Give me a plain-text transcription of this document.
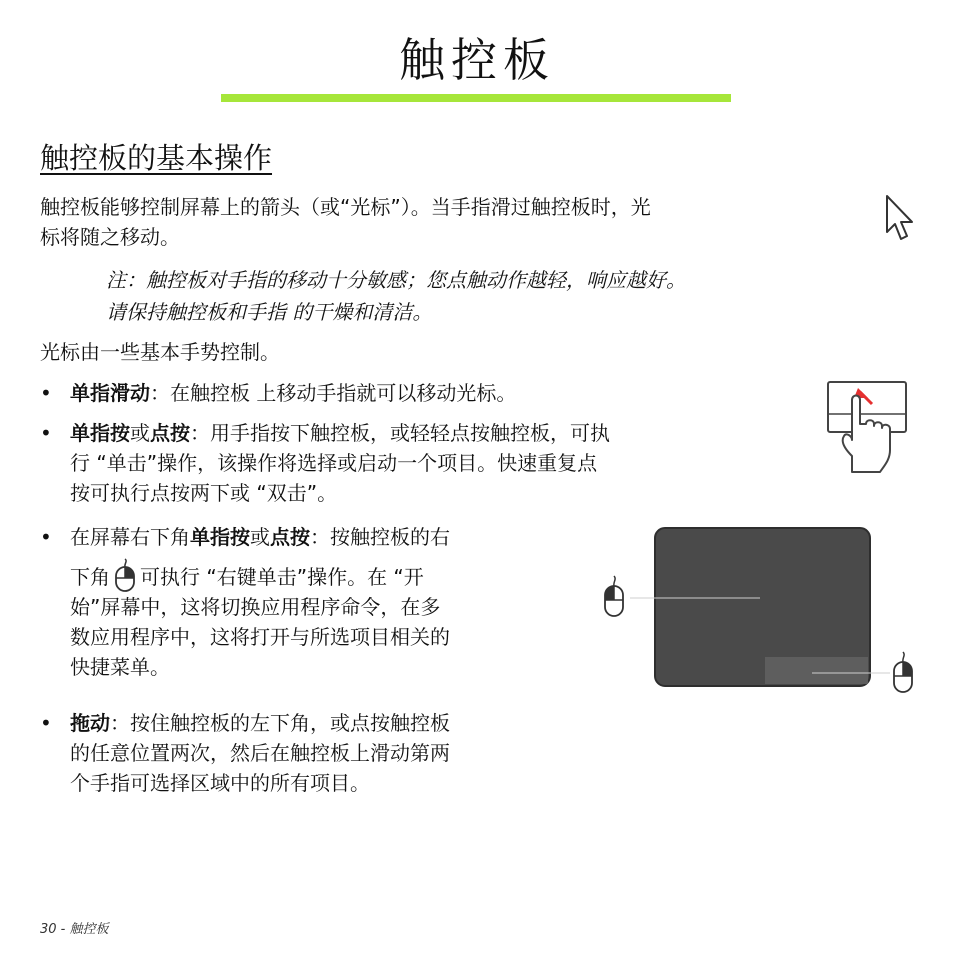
触控板
触控板的基本操作
触控板能够控制屏幕上的箭头（或“光标”）。当手指滑过触控板时，光
标将随之移动。
注：触控板对手指的移动十分敏感；您点触动作越轻，响应越好。
请保持触控板和手指 的干燥和清洁。
光标由一些基本手势控制。
• 单指滑动：在触控板 上移动手指就可以移动光标。
• 单指按或点按：用手指按下触控板，或轻轻点按触控板，可执
行 “单击”操作，该操作将选择或启动一个项目。快速重复点
按可执行点按两下或 “双击”。
• 在屏幕右下角单指按或点按：按触控板的右
下角 可执行 “右键单击”操作。在 “开
始”屏幕中，这将切换应用程序命令，在多
数应用程序中，这将打开与所选项目相关的
快捷菜单。
• 拖动：按住触控板的左下角，或点按触控板
的任意位置两次，然后在触控板上滑动第两
个手指可选择区域中的所有项目。
30 - 触控板
